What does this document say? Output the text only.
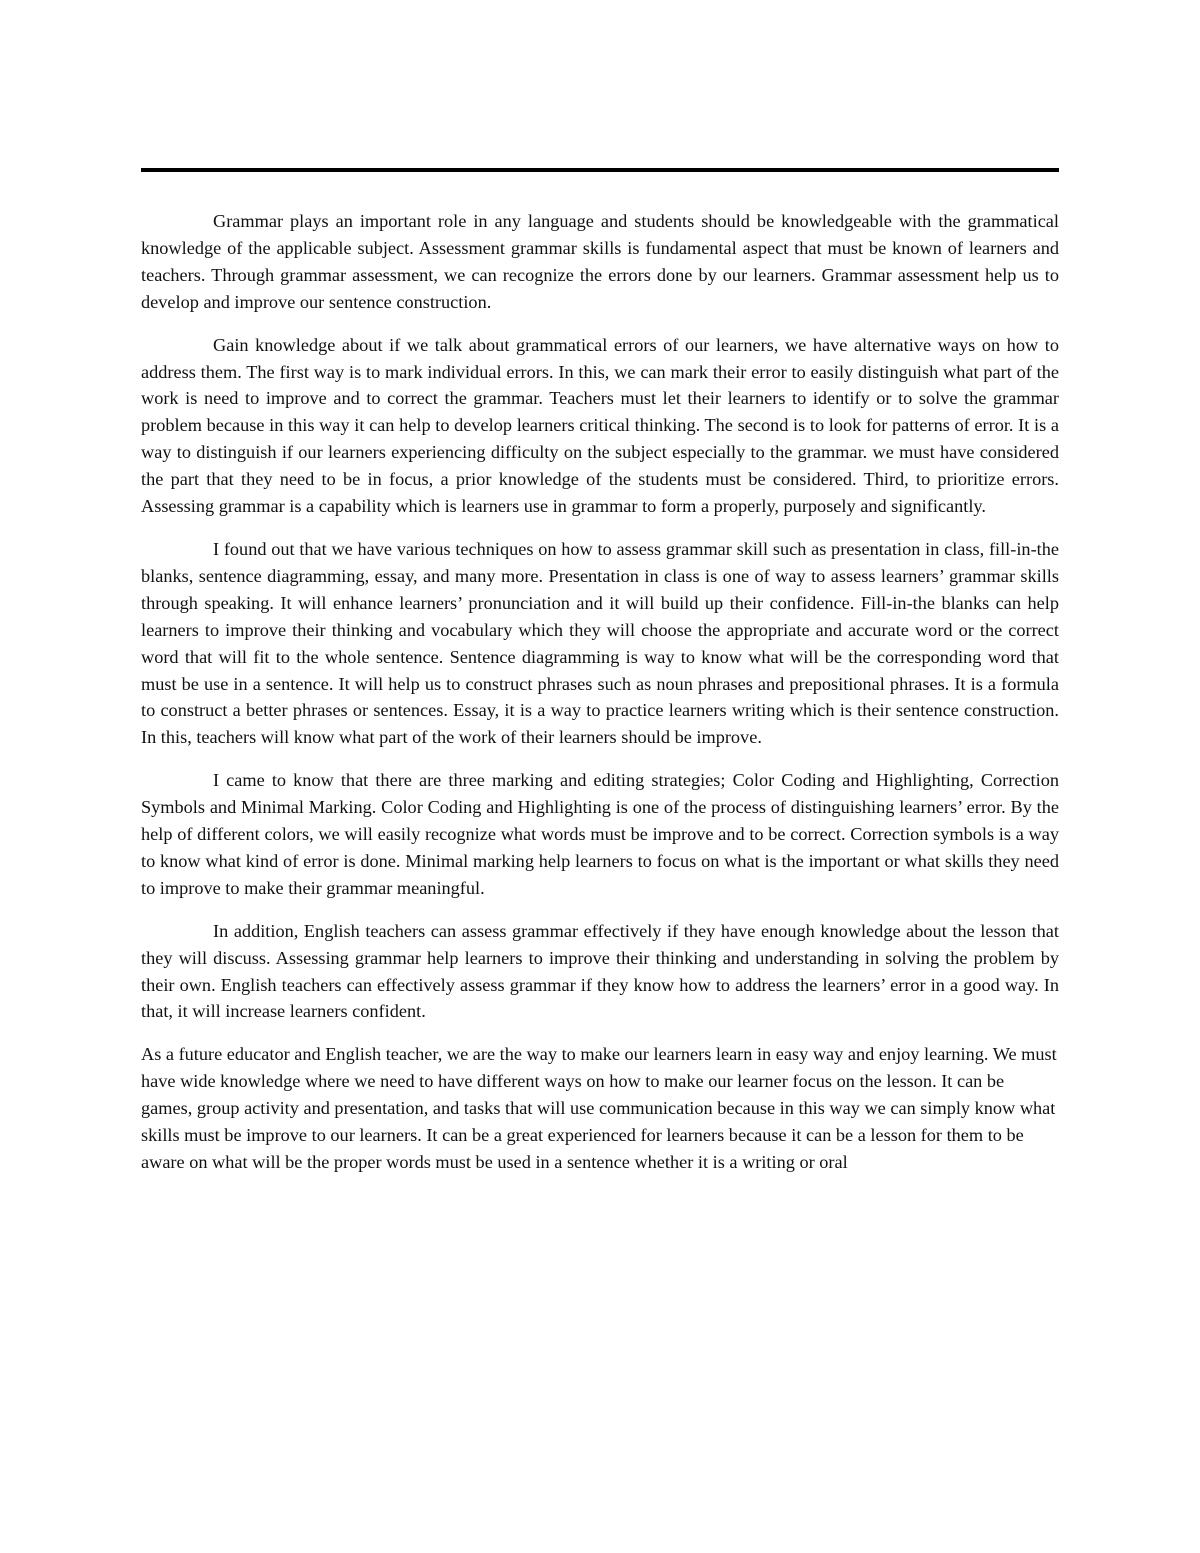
Grammar plays an important role in any language and students should be knowledgeable with the grammatical knowledge of the applicable subject. Assessment grammar skills is fundamental aspect that must be known of learners and teachers. Through grammar assessment, we can recognize the errors done by our learners. Grammar assessment help us to develop and improve our sentence construction.

Gain knowledge about if we talk about grammatical errors of our learners, we have alternative ways on how to address them. The first way is to mark individual errors. In this, we can mark their error to easily distinguish what part of the work is need to improve and to correct the grammar. Teachers must let their learners to identify or to solve the grammar problem because in this way it can help to develop learners critical thinking. The second is to look for patterns of error. It is a way to distinguish if our learners experiencing difficulty on the subject especially to the grammar. we must have considered the part that they need to be in focus, a prior knowledge of the students must be considered. Third, to prioritize errors. Assessing grammar is a capability which is learners use in grammar to form a properly, purposely and significantly.

I found out that we have various techniques on how to assess grammar skill such as presentation in class, fill-in-the blanks, sentence diagramming, essay, and many more. Presentation in class is one of way to assess learners’ grammar skills through speaking. It will enhance learners’ pronunciation and it will build up their confidence. Fill-in-the blanks can help learners to improve their thinking and vocabulary which they will choose the appropriate and accurate word or the correct word that will fit to the whole sentence. Sentence diagramming is way to know what will be the corresponding word that must be use in a sentence. It will help us to construct phrases such as noun phrases and prepositional phrases. It is a formula to construct a better phrases or sentences. Essay, it is a way to practice learners writing which is their sentence construction. In this, teachers will know what part of the work of their learners should be improve.

I came to know that there are three marking and editing strategies; Color Coding and Highlighting, Correction Symbols and Minimal Marking. Color Coding and Highlighting is one of the process of distinguishing learners’ error. By the help of different colors, we will easily recognize what words must be improve and to be correct. Correction symbols is a way to know what kind of error is done. Minimal marking help learners to focus on what is the important or what skills they need to improve to make their grammar meaningful.

In addition, English teachers can assess grammar effectively if they have enough knowledge about the lesson that they will discuss. Assessing grammar help learners to improve their thinking and understanding in solving the problem by their own. English teachers can effectively assess grammar if they know how to address the learners’ error in a good way. In that, it will increase learners confident.

As a future educator and English teacher, we are the way to make our learners learn in easy way and enjoy learning. We must have wide knowledge where we need to have different ways on how to make our learner focus on the lesson. It can be games, group activity and presentation, and tasks that will use communication because in this way we can simply know what skills must be improve to our learners. It can be a great experienced for learners because it can be a lesson for them to be aware on what will be the proper words must be used in a sentence whether it is a writing or oral
